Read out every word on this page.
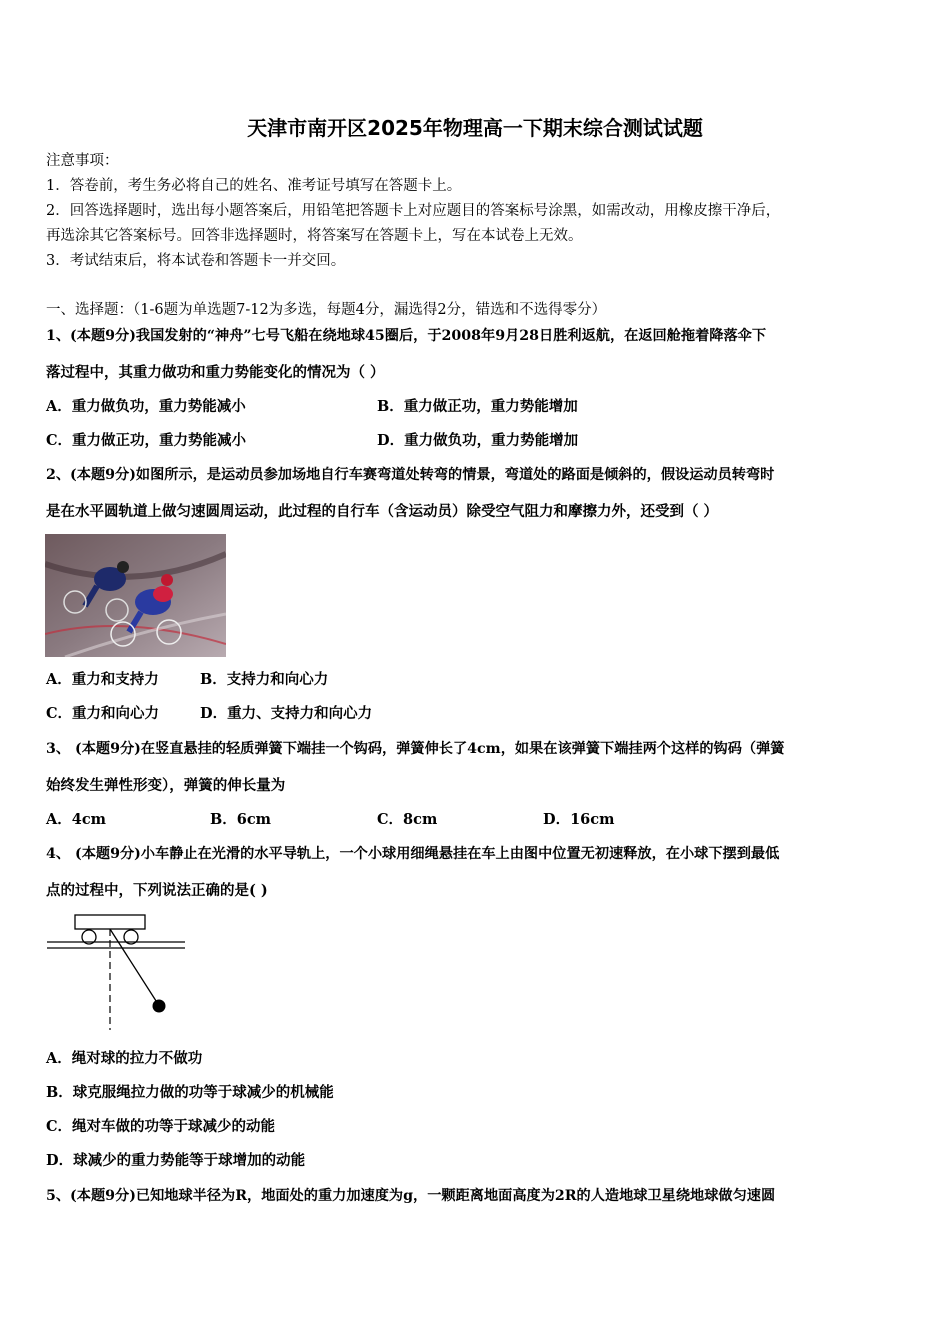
天津市南开区2025年物理高一下期末综合测试试题
注意事项：
1．答卷前，考生务必将自己的姓名、准考证号填写在答题卡上。
2．回答选择题时，选出每小题答案后，用铅笔把答题卡上对应题目的答案标号涂黑，如需改动，用橡皮擦干净后，
再选涂其它答案标号。回答非选择题时，将答案写在答题卡上，写在本试卷上无效。
3．考试结束后，将本试卷和答题卡一并交回。
一、选择题：（1-6题为单选题7-12为多选，每题4分，漏选得2分，错选和不选得零分）
1、(本题9分)我国发射的“神舟”七号飞船在绕地球45圈后，于2008年9月28日胜利返航，在返回舱拖着降落伞下
落过程中，其重力做功和重力势能变化的情况为（ ）
A．重力做负功，重力势能减小	B．重力做正功，重力势能增加
C．重力做正功，重力势能减小	D．重力做负功，重力势能增加
2、(本题9分)如图所示，是运动员参加场地自行车赛弯道处转弯的情景，弯道处的路面是倾斜的，假设运动员转弯时
是在水平圆轨道上做匀速圆周运动，此过程的自行车（含运动员）除受空气阻力和摩擦力外，还受到（ ）
A．重力和支持力	B．支持力和向心力
C．重力和向心力	D．重力、支持力和向心力
3、 (本题9分)在竖直悬挂的轻质弹簧下端挂一个钩码，弹簧伸长了4cm，如果在该弹簧下端挂两个这样的钩码（弹簧
始终发生弹性形变），弹簧的伸长量为
A．4cm	B．6cm	C．8cm	D．16cm
4、 (本题9分)小车静止在光滑的水平导轨上，一个小球用细绳悬挂在车上由图中位置无初速释放，在小球下摆到最低
点的过程中，下列说法正确的是( )
A．绳对球的拉力不做功
B．球克服绳拉力做的功等于球减少的机械能
C．绳对车做的功等于球减少的动能
D．球减少的重力势能等于球增加的动能
5、(本题9分)已知地球半径为R，地面处的重力加速度为g，一颗距离地面高度为2R的人造地球卫星绕地球做匀速圆
